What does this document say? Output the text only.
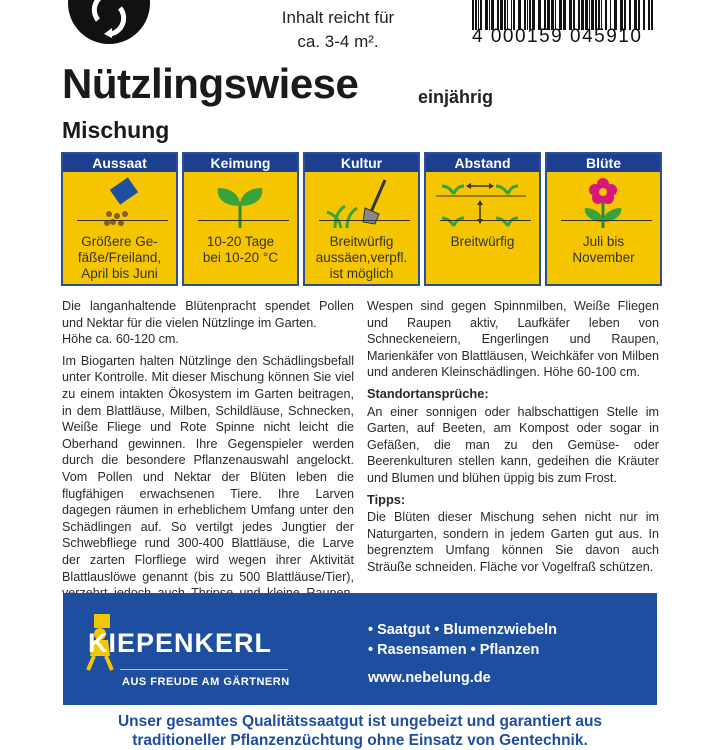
Inhalt reicht für
ca. 3-4 m².	4 000159 045910
Nützlingswiese	einjährig
Mischung
Aussaat
Größere Ge-
fäße/Freiland,
April bis Juni
Keimung
10-20 Tage
bei 10-20 °C
Kultur
Breitwürfig
aussäen,verpfl.
ist möglich
Abstand
Breitwürfig
Blüte
Juli bis
November

Die langanhaltende Blütenpracht spendet Pollen und Nektar für die vielen Nützlinge im Garten.

Höhe ca. 60-120 cm.

Im Biogarten halten Nützlinge den Schädlingsbefall unter Kontrolle. Mit dieser Mischung können Sie viel zu einem intakten Ökosystem im Garten beitragen, in dem Blattläuse, Milben, Schildläuse, Schnecken, Weiße Fliege und Rote Spinne nicht leicht die Oberhand gewinnen. Ihre Gegenspieler werden durch die besondere Pflanzenauswahl angelockt. Vom Pollen und Nektar der Blüten leben die flugfähigen erwachsenen Tiere. Ihre Larven dagegen räumen in erheblichem Umfang unter den Schädlingen auf. So vertilgt jedes Jungtier der Schwebfliege rund 300-400 Blattläuse, die Larve der zarten Florfliege wird wegen ihrer Aktivität Blattlauslöwe genannt (bis zu 500 Blattläuse/Tier),

Wespen sind gegen Spinnmilben, Weiße Fliegen und Raupen aktiv, Laufkäfer leben von Schneckeneiern, Engerlingen und Raupen, Marienkäfer von Blattläusen, Weichkäfer von Milben und anderen Kleinschädlingen. Höhe 60-100 cm.

Standortansprüche:

An einer sonnigen oder halbschattigen Stelle im Garten, auf Beeten, am Kompost oder sogar in Gefäßen, die man zu den Gemüse- oder Beerenkulturen stellen kann, gedeihen die Kräuter und Blumen und blühen üppig bis zum Frost.

Tipps:

Die Blüten dieser Mischung sehen nicht nur im Naturgarten, sondern in jedem Garten gut aus. In begrenztem Umfang können Sie davon auch Sträuße schneiden. Fläche vor Vogelfraß schützen.

KIEPENKERL
AUS FREUDE AM GÄRTNERN
• Saatgut • Blumenzwiebeln
• Rasensamen • Pflanzen
www.nebelung.de
Unser gesamtes Qualitätssaatgut ist ungebeizt und garantiert aus
traditioneller Pflanzenzüchtung ohne Einsatz von Gentechnik.
